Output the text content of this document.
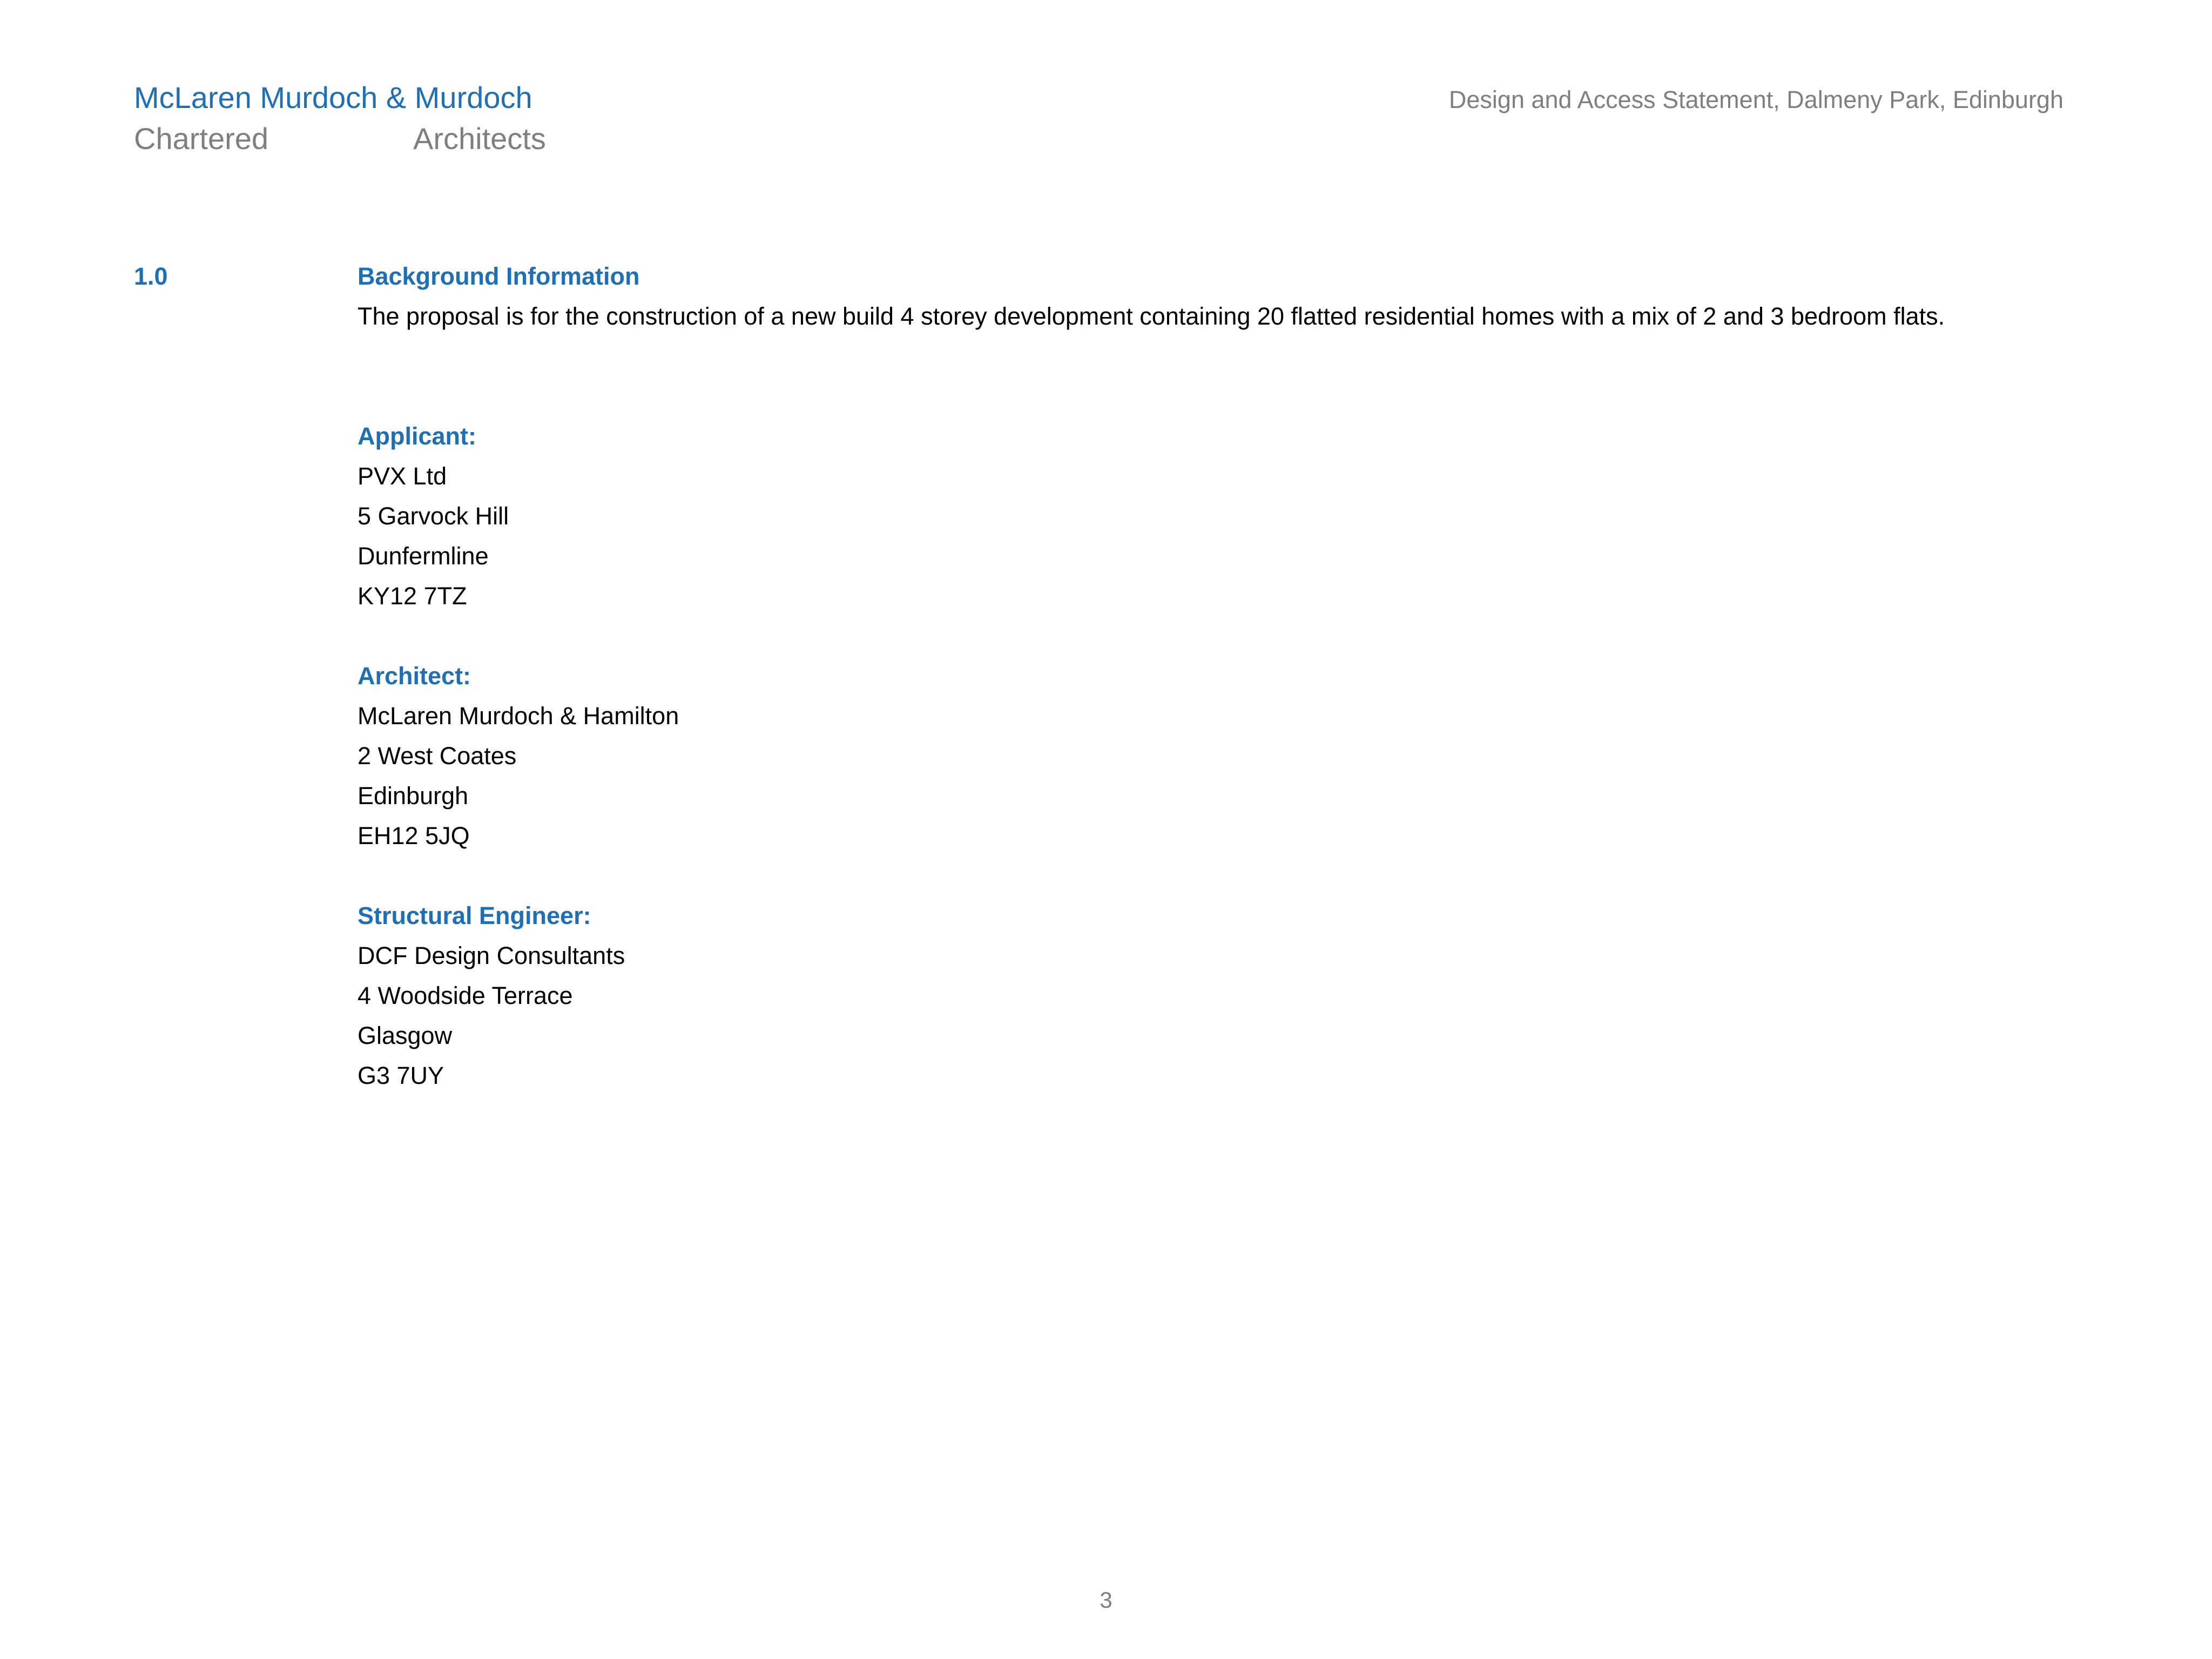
McLaren Murdoch & Murdoch
Chartered	Architects
Design and Access Statement, Dalmeny Park, Edinburgh
1.0	Background Information
The proposal is for the construction of a new build 4 storey development containing 20 flatted residential homes with a mix of 2 and 3 bedroom flats.
Applicant:
PVX Ltd
5 Garvock Hill
Dunfermline
KY12 7TZ
Architect:
McLaren Murdoch & Hamilton
2 West Coates
Edinburgh
EH12 5JQ
Structural Engineer:
DCF Design Consultants
4 Woodside Terrace
Glasgow
G3 7UY
3
